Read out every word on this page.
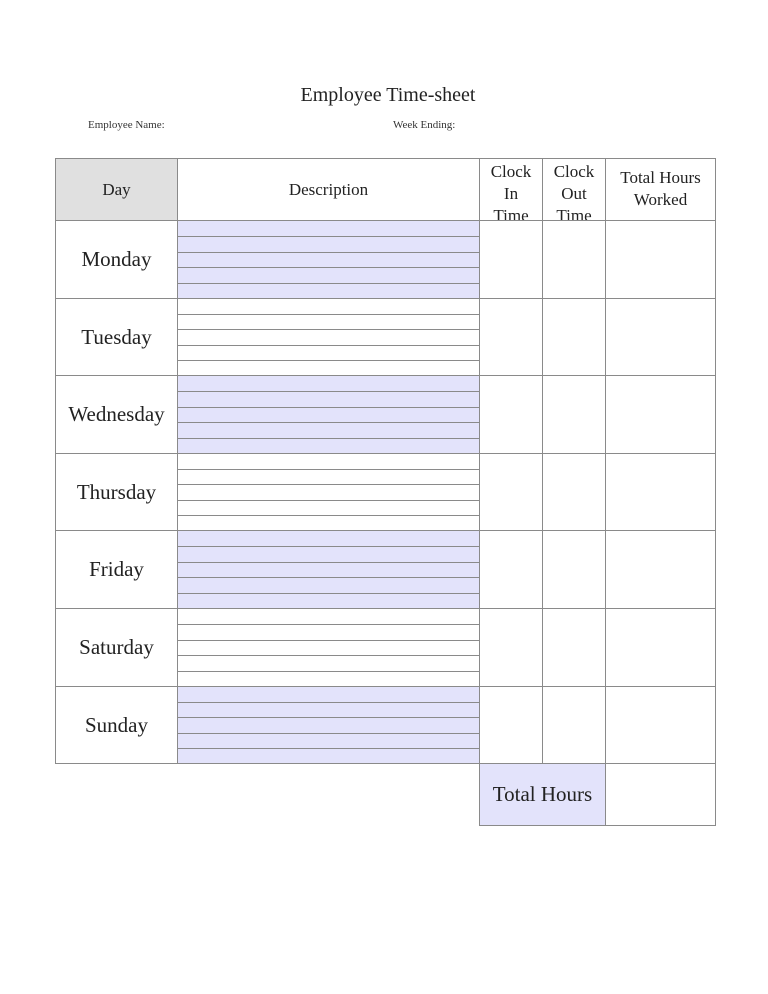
Employee Time-sheet
Employee Name:	Week Ending:
Day	Description
Clock
In
Time
Clock
Out
Time
Total Hours
Worked
Total Hours
Monday
Tuesday
Wednesday
Thursday
Friday
Saturday
Sunday
